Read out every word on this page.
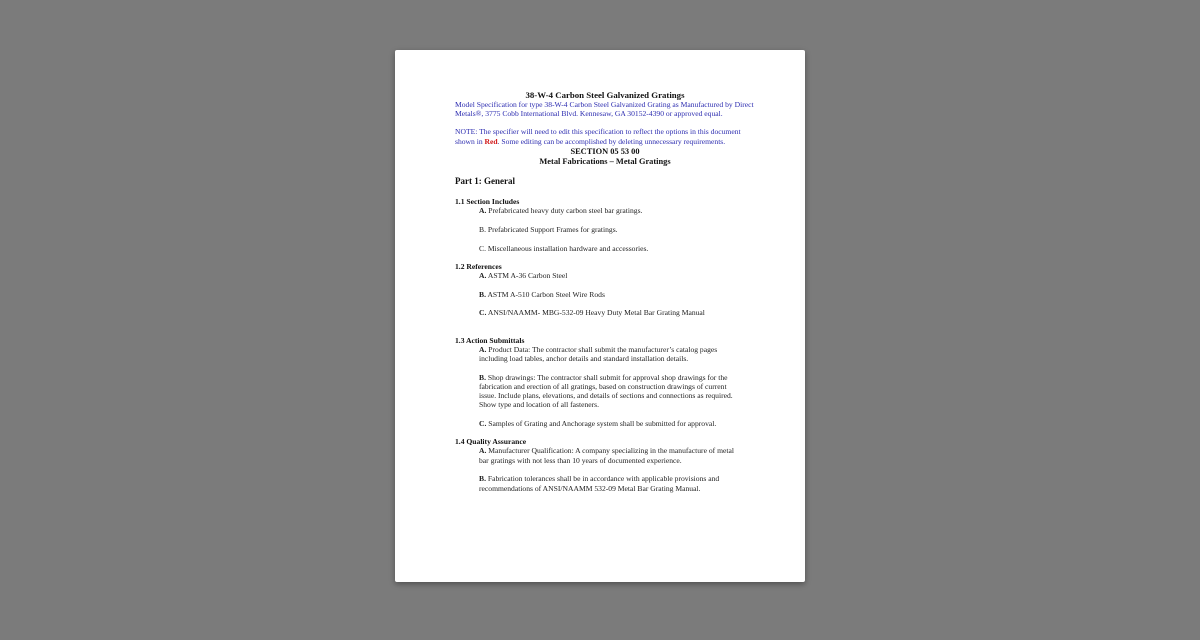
38-W-4 Carbon Steel Galvanized Gratings
Model Specification for type 38-W-4 Carbon Steel Galvanized Grating as Manufactured by Direct Metals®, 3775 Cobb International Blvd. Kennesaw, GA 30152-4390 or approved equal.
NOTE: The specifier will need to edit this specification to reflect the options in this document shown in Red. Some editing can be accomplished by deleting unnecessary requirements.
SECTION 05 53 00
Metal Fabrications – Metal Gratings
Part 1: General
1.1 Section Includes
A. Prefabricated heavy duty carbon steel bar gratings.
B. Prefabricated Support Frames for gratings.
C. Miscellaneous installation hardware and accessories.
1.2 References
A. ASTM A-36 Carbon Steel
B. ASTM A-510 Carbon Steel Wire Rods
C. ANSI/NAAMM- MBG-532-09 Heavy Duty Metal Bar Grating Manual
1.3 Action Submittals
A. Product Data: The contractor shall submit the manufacturer’s catalog pages including load tables, anchor details and standard installation details.
B. Shop drawings: The contractor shall submit for approval shop drawings for the fabrication and erection of all gratings, based on construction drawings of current issue. Include plans, elevations, and details of sections and connections as required. Show type and location of all fasteners.
C. Samples of Grating and Anchorage system shall be submitted for approval.
1.4 Quality Assurance
A. Manufacturer Qualification: A company specializing in the manufacture of metal bar gratings with not less than 10 years of documented experience.
B. Fabrication tolerances shall be in accordance with applicable provisions and recommendations of ANSI/NAAMM 532-09 Metal Bar Grating Manual.
